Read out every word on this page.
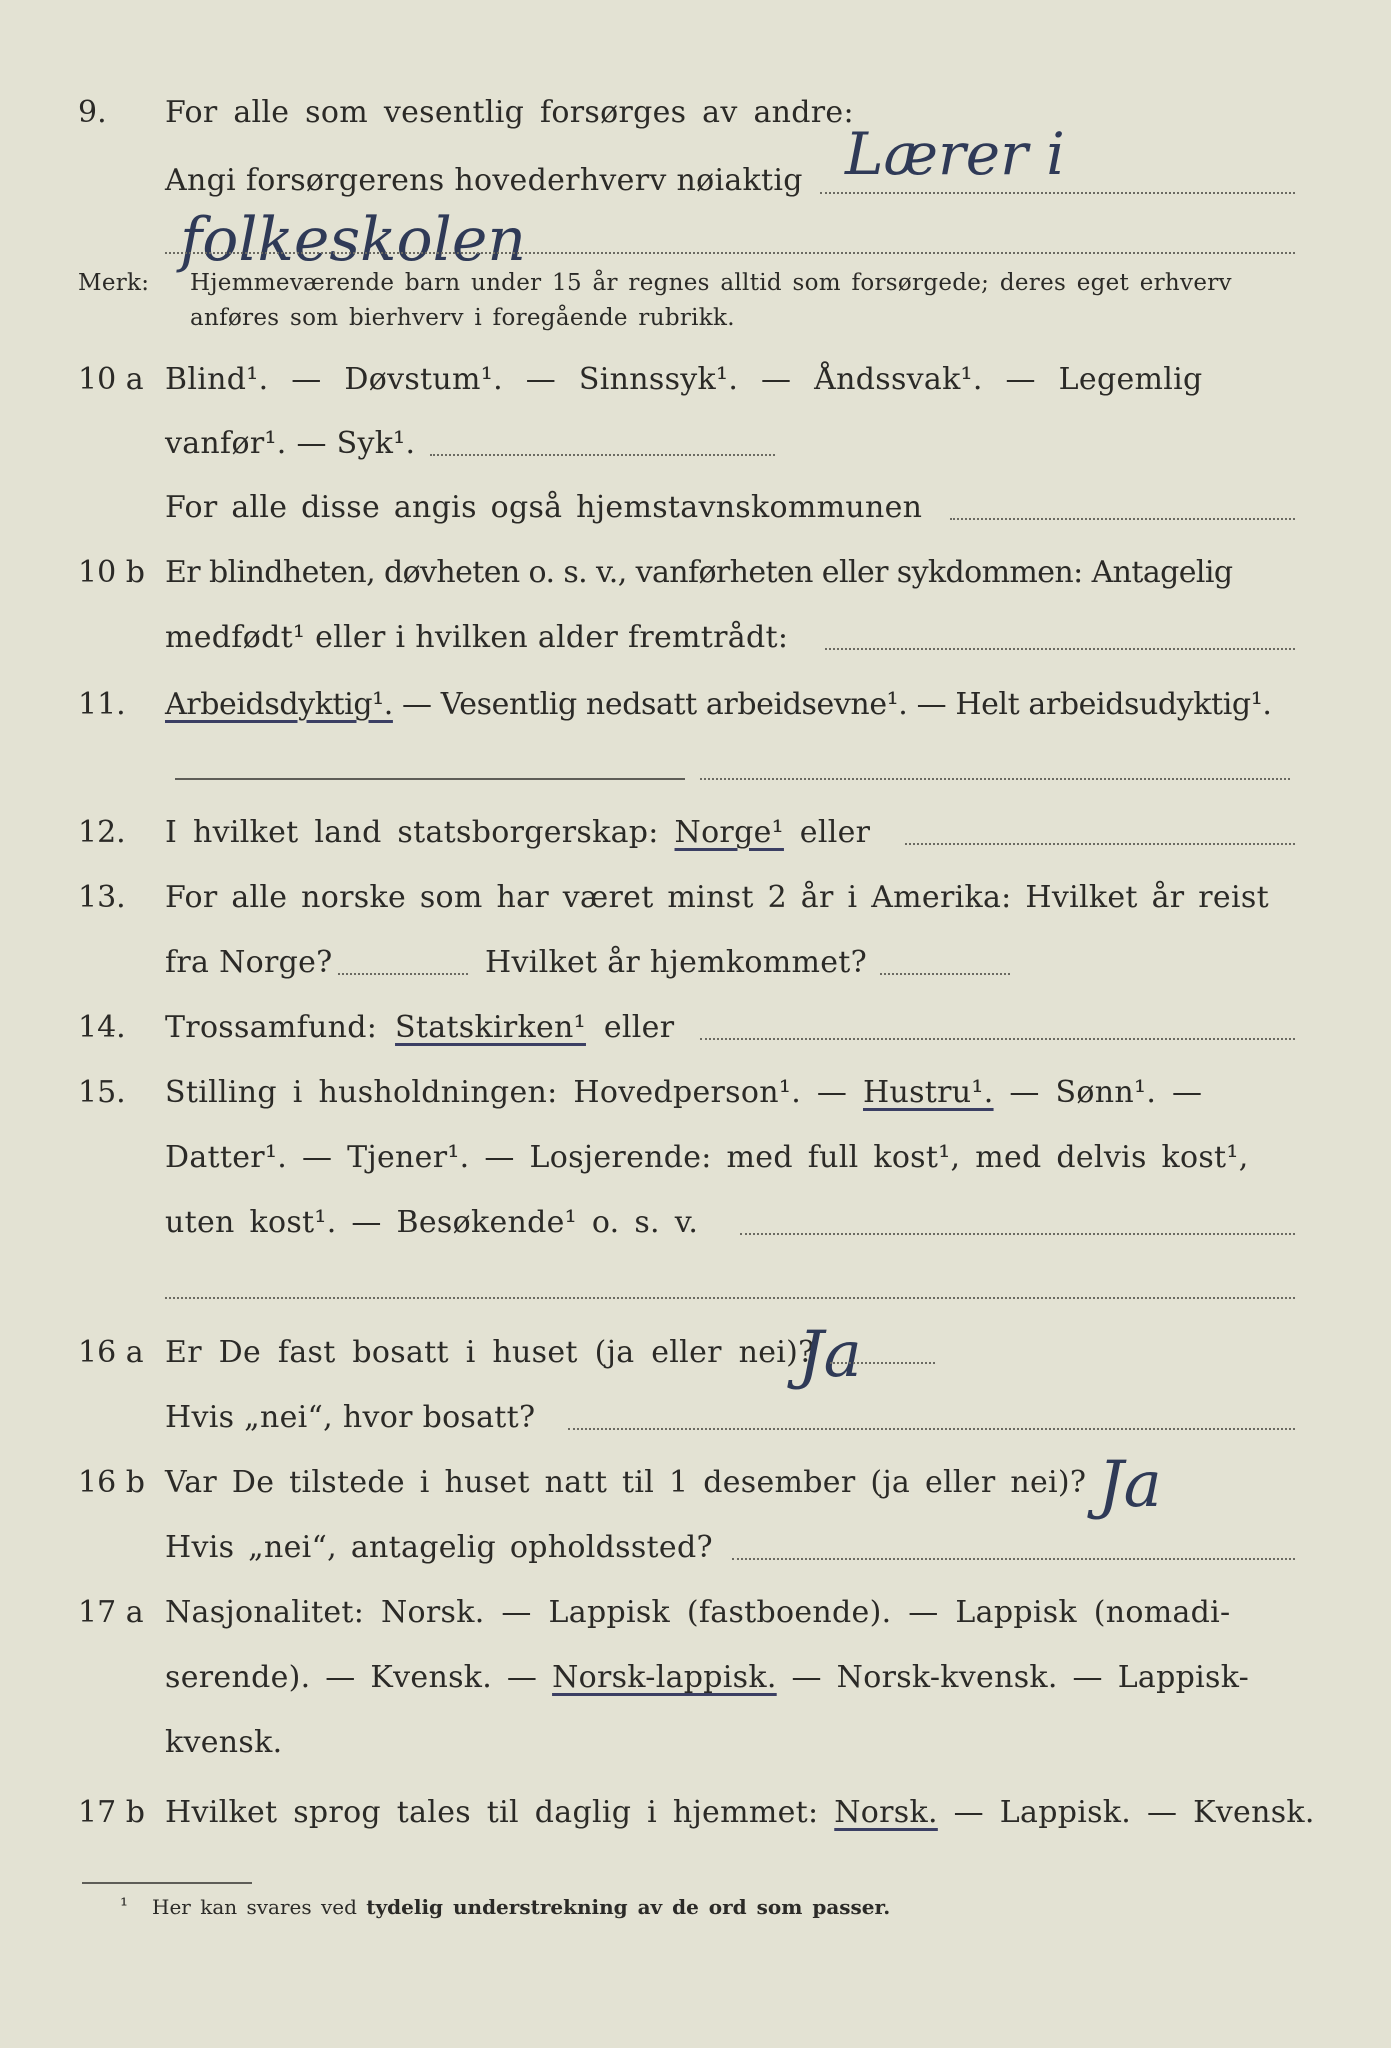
9. For alle som vesentlig forsørges av andre:
Lærer i
Angi forsørgerens hovederhverv nøiaktig
folkeskolen
Merk: Hjemmeværende barn under 15 år regnes alltid som forsørgede; deres eget erhverv
anføres som bierhverv i foregående rubrikk.
10 a Blind¹. — Døvstum¹. — Sinnssyk¹. — Åndssvak¹. — Legemlig
vanfør¹. — Syk¹.
For alle disse angis også hjemstavnskommunen
10 b Er blindheten, døvheten o. s. v., vanførheten eller sykdommen: Antagelig
medfødt¹ eller i hvilken alder fremtrådt:
11. Arbeidsdyktig¹. — Vesentlig nedsatt arbeidsevne¹. — Helt arbeidsudyktig¹.
12. I hvilket land statsborgerskap: Norge¹ eller
13. For alle norske som har været minst 2 år i Amerika: Hvilket år reist
fra Norge?	Hvilket år hjemkommet?
14. Trossamfund: Statskirken¹ eller
15. Stilling i husholdningen: Hovedperson¹. — Hustru¹. — Sønn¹. —
Datter¹. — Tjener¹. — Losjerende: med full kost¹, med delvis kost¹,
uten kost¹. — Besøkende¹ o. s. v.
16 a Er De fast bosatt i huset (ja eller nei)?
Ja
Hvis „nei“, hvor bosatt?
16 b Var De tilstede i huset natt til 1 desember (ja eller nei)? Ja
Hvis „nei“, antagelig opholdssted?
17 a Nasjonalitet: Norsk. — Lappisk (fastboende). — Lappisk (nomadi-
serende). — Kvensk. — Norsk-lappisk. — Norsk-kvensk. — Lappisk-
kvensk.
17 b Hvilket sprog tales til daglig i hjemmet: Norsk. — Lappisk. — Kvensk.
¹ Her kan svares ved tydelig understrekning av de ord som passer.
